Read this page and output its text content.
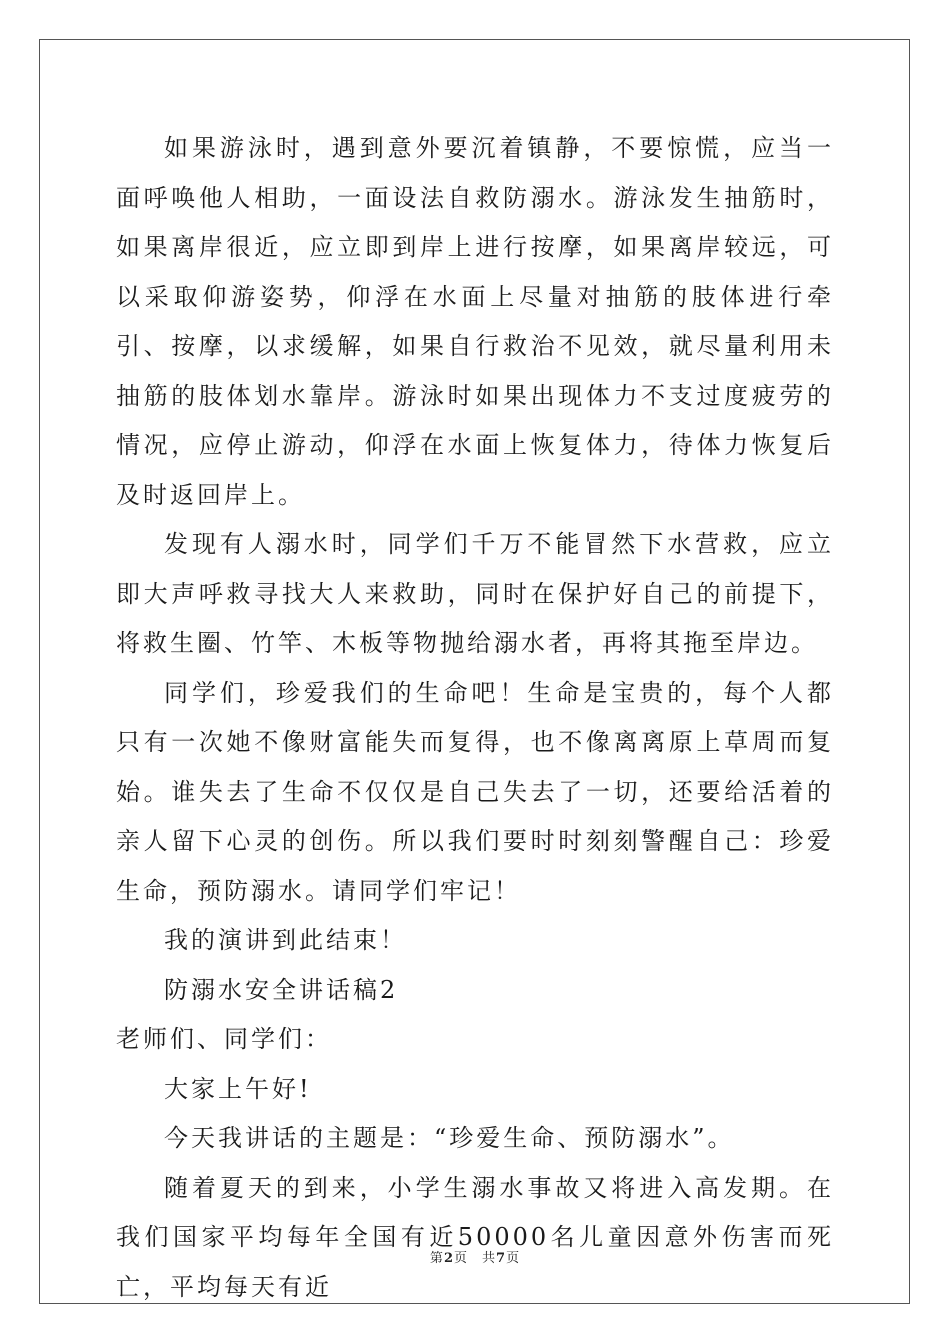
如果游泳时，遇到意外要沉着镇静，不要惊慌，应当一面呼唤他人相助，一面设法自救防溺水。游泳发生抽筋时，如果离岸很近，应立即到岸上进行按摩，如果离岸较远，可以采取仰游姿势，仰浮在水面上尽量对抽筋的肢体进行牵引、按摩，以求缓解，如果自行救治不见效，就尽量利用未抽筋的肢体划水靠岸。游泳时如果出现体力不支过度疲劳的情况，应停止游动，仰浮在水面上恢复体力，待体力恢复后及时返回岸上。

发现有人溺水时，同学们千万不能冒然下水营救，应立即大声呼救寻找大人来救助，同时在保护好自己的前提下，将救生圈、竹竿、木板等物抛给溺水者，再将其拖至岸边。

同学们，珍爱我们的生命吧！生命是宝贵的，每个人都只有一次她不像财富能失而复得，也不像离离原上草周而复始。谁失去了生命不仅仅是自己失去了一切，还要给活着的亲人留下心灵的创伤。所以我们要时时刻刻警醒自己：珍爱生命，预防溺水。请同学们牢记！

我的演讲到此结束！

防溺水安全讲话稿2

老师们、同学们：

大家上午好!

今天我讲话的主题是：“珍爱生命、预防溺水”。

随着夏天的到来，小学生溺水事故又将进入高发期。在我们国家平均每年全国有近50000名儿童因意外伤害而死亡，平均每天有近

第2页 共7页
